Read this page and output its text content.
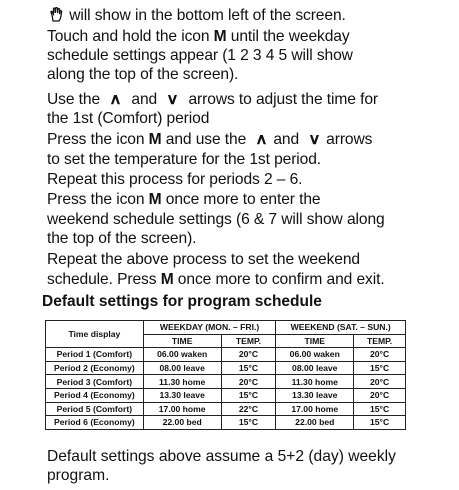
will show in the bottom left of the screen.
Touch and hold the icon M until the weekday
schedule settings appear (1 2 3 4 5 will show
along the top of the screen).
Use the ∧ and ∨ arrows to adjust the time for
the 1st (Comfort) period
Press the icon M and use the ∧ and ∨ arrows
to set the temperature for the 1st period.
Repeat this process for periods 2 – 6.
Press the icon M once more to enter the
weekend schedule settings (6 & 7 will show along
the top of the screen).
Repeat the above process to set the weekend
schedule. Press M once more to confirm and exit.
Default settings for program schedule
Time display	WEEKDAY (MON. – FRI.)		WEEKEND (SAT. – SUN.)	
	TIME	TEMP.	TIME	TEMP.
Period 1 (Comfort)	06.00 waken	20°C	06.00 waken	20°C
Period 2 (Economy)	08.00 leave	15°C	08.00 leave	15°C
Period 3 (Comfort)	11.30 home	20°C	11.30 home	20°C
Period 4 (Economy)	13.30 leave	15°C	13.30 leave	20°C
Period 5 (Comfort)	17.00 home	22°C	17.00 home	15°C
Period 6 (Economy)	22.00 bed	15°C	22.00 bed	15°C
Default settings above assume a 5+2 (day) weekly
program.
